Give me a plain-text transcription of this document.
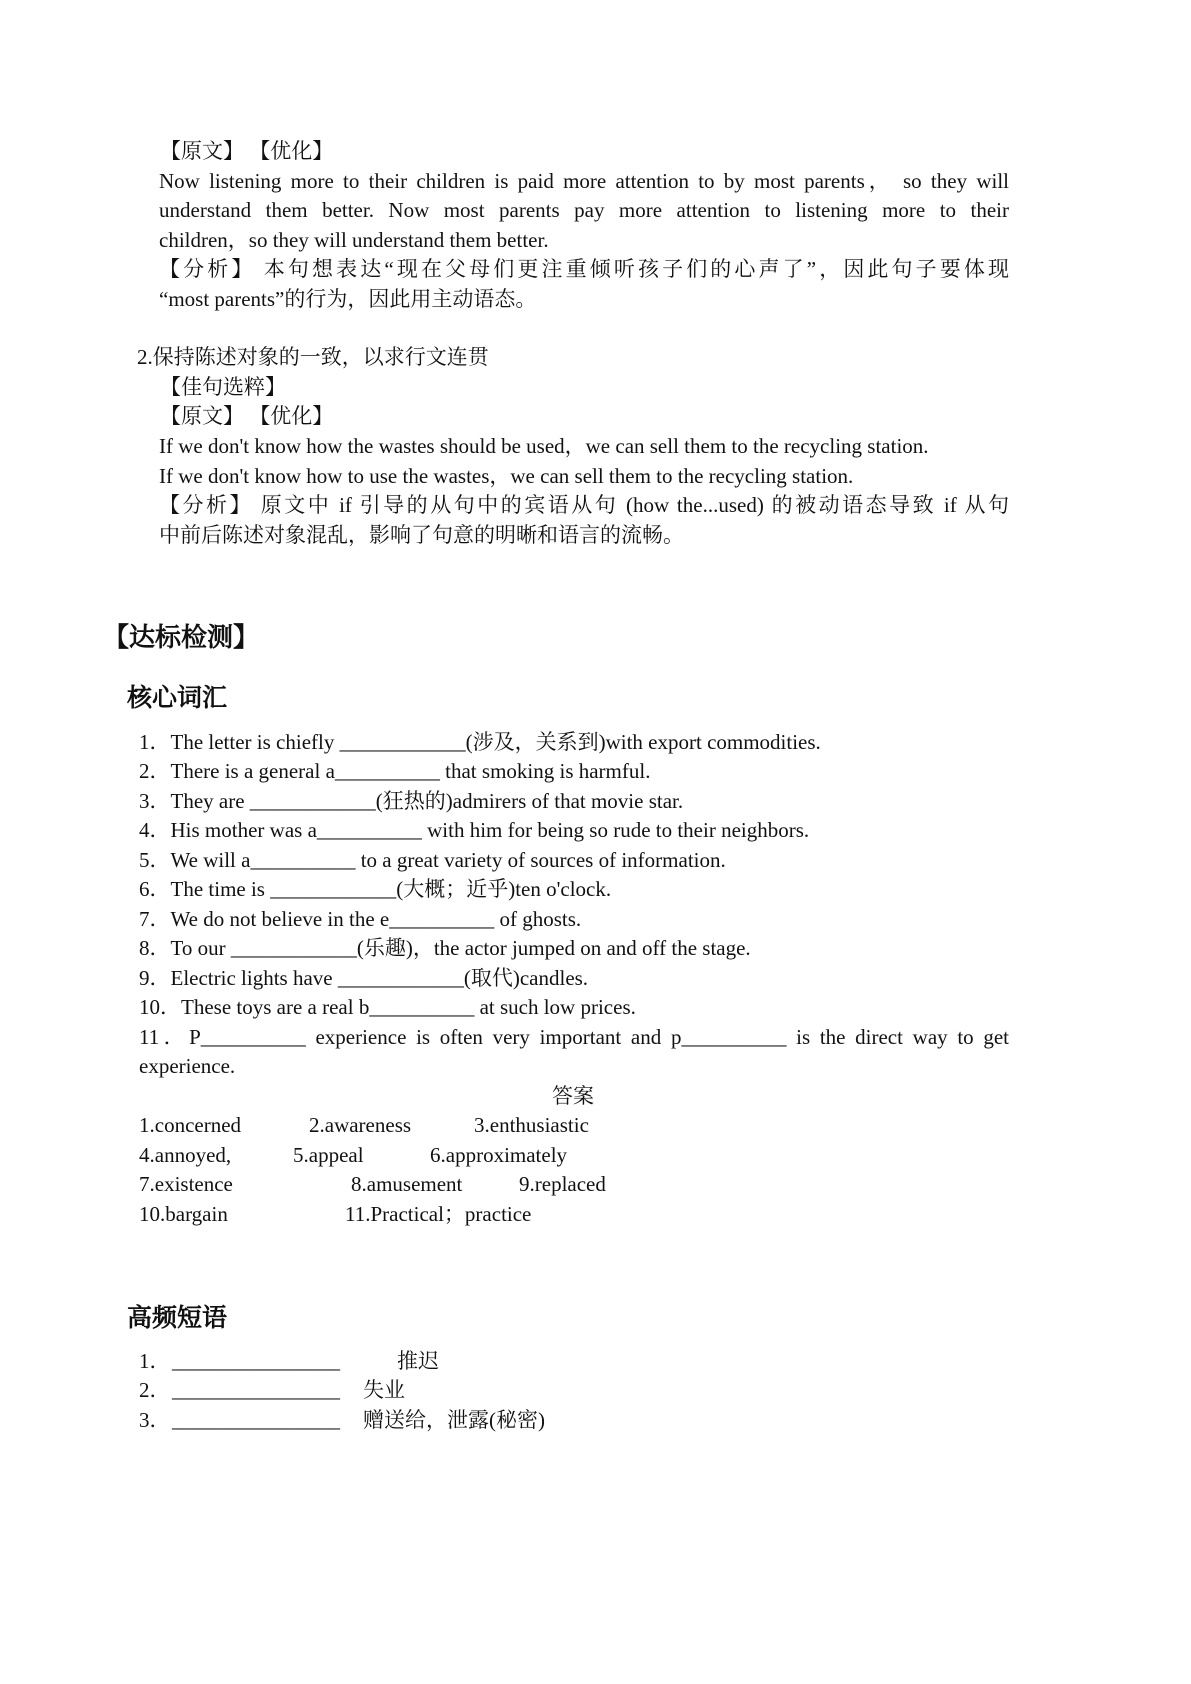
【原文】 【优化】
Now listening more to their children is paid more attention to by most parents， so they will
understand them better. Now most parents pay more attention to listening more to their
children，so they will understand them better.
【分析】 本句想表达“现在父母们更注重倾听孩子们的心声了”，因此句子要体现
“most parents”的行为，因此用主动语态。
2.保持陈述对象的一致，以求行文连贯
【佳句选粹】
【原文】 【优化】
If we don't know how the wastes should be used，we can sell them to the recycling station.
If we don't know how to use the wastes，we can sell them to the recycling station.
【分析】 原文中 if 引导的从句中的宾语从句 (how the...used) 的被动语态导致 if 从句
中前后陈述对象混乱，影响了句意的明晰和语言的流畅。
【达标检测】
核心词汇
1．The letter is chiefly ____________(涉及，关系到)with export commodities.
2．There is a general a__________ that smoking is harmful.
3．They are ____________(狂热的)admirers of that movie star.
4．His mother was a__________ with him for being so rude to their neighbors.
5．We will a__________ to a great variety of sources of information.
6．The time is ____________(大概；近乎)ten o'clock.
7．We do not believe in the e__________ of ghosts.
8．To our ____________(乐趣)，the actor jumped on and off the stage.
9．Electric lights have ____________(取代)candles.
10．These toys are a real b__________ at such low prices.
11．P__________ experience is often very important and p__________ is the direct way to get
experience.
答案
1.concerned	2.awareness	3.enthusiastic
4.annoyed,	5.appeal	6.approximately
7.existence	8.amusement	9.replaced
10.bargain	11.Practical；practice
高频短语
1． ________________	推迟
2． ________________ 失业
3． ________________ 赠送给，泄露(秘密)
